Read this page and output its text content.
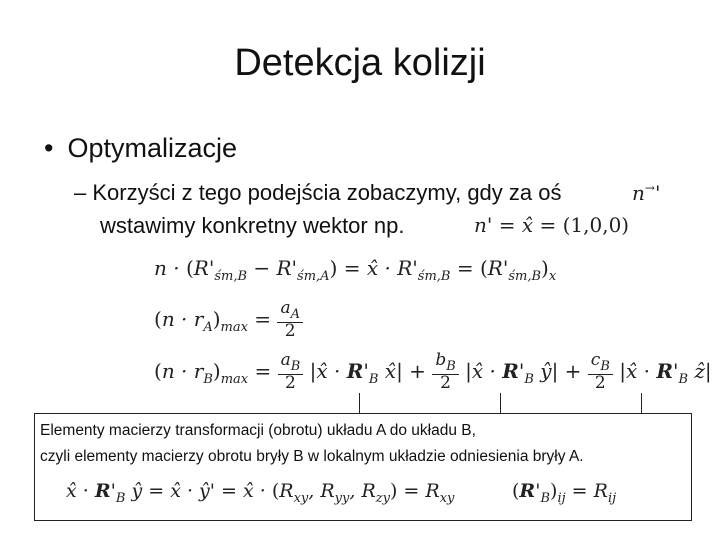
Detekcja kolizji
• Optymalizacje
– Korzyści z tego podejścia zobaczymy, gdy za oś	n→'
wstawimy konkretny wektor np.	n' = x̂ = (1,0,0)
$n \cdot (R'_{śm,B} - R'_{śm,A})$ = x̂ · $R'_{śm,B} = (R'_{śm,B})_x$
$(n \cdot r_A)_{max} = \frac{a_A}{2}$
$(n \cdot r_B)_{max} = \frac{a_B}{2}$ |x̂ · $R'_B$ x̂| + $\frac{b_B}{2}$ |x̂ · $R'_B$ ŷ| + $\frac{c_B}{2}$ |x̂ · $R'_B$ ẑ|
Elementy macierzy transformacji (obrotu) układu A do układu B,
czyli elementy macierzy obrotu bryły B w lokalnym układzie odniesienia bryły A.
x̂ · $R'_B$ ŷ = x̂ · ŷ' = x̂ · ($R_{xy}$, $R_{yy}$, $R_{zy}) = R_{xy}$	$(R'_B)_{ij} = R_{ij}$
